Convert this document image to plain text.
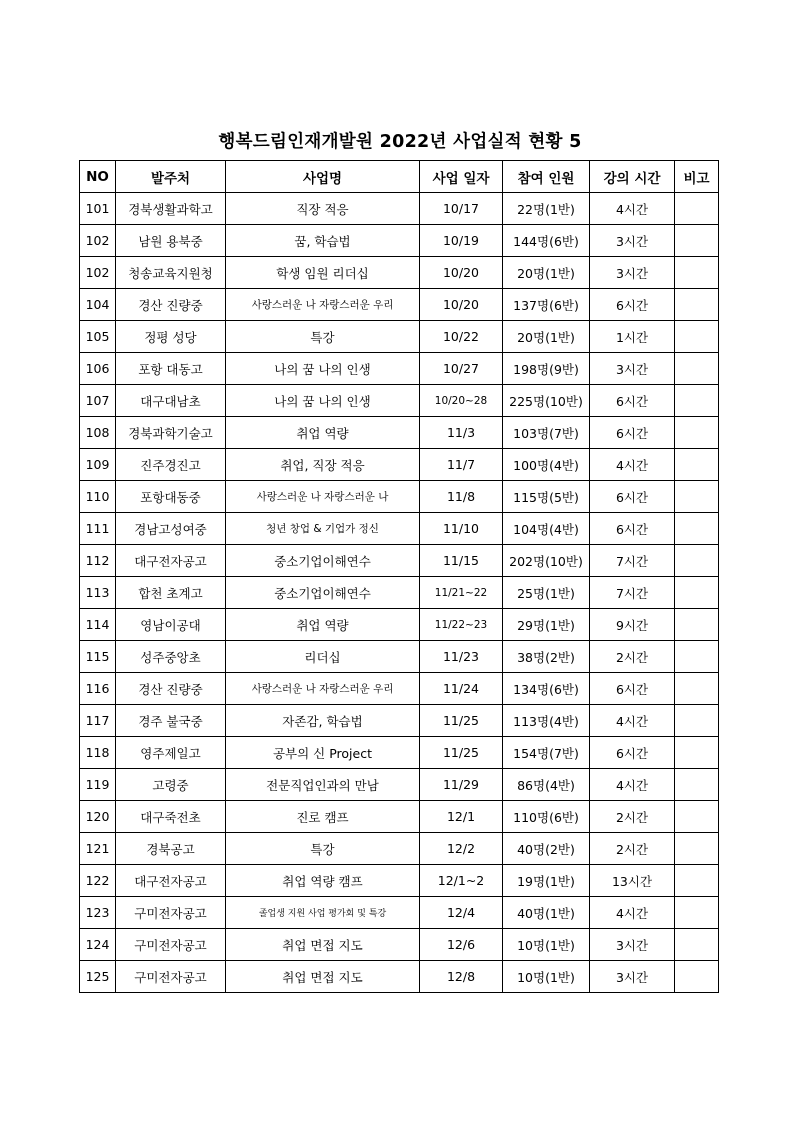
행복드림인재개발원 2022년 사업실적 현황 5
NO	발주처	사업명	사업 일자	참여 인원	강의 시간	비고
101	경북생활과학고	직장 적응	10/17	22명(1반)	4시간	
102	남원 용북중	꿈, 학습법	10/19	144명(6반)	3시간	
102	청송교육지원청	학생 임원 리더십	10/20	20명(1반)	3시간	
104	경산 진량중	사랑스러운 나 자랑스러운 우리	10/20	137명(6반)	6시간	
105	정평 성당	특강	10/22	20명(1반)	1시간	
106	포항 대동고	나의 꿈 나의 인생	10/27	198명(9반)	3시간	
107	대구대남초	나의 꿈 나의 인생	10/20~28	225명(10반)	6시간	
108	경북과학기술고	취업 역량	11/3	103명(7반)	6시간	
109	진주경진고	취업, 직장 적응	11/7	100명(4반)	4시간	
110	포항대동중	사랑스러운 나 자랑스러운 나	11/8	115명(5반)	6시간	
111	경남고성여중	청년 창업 & 기업가 정신	11/10	104명(4반)	6시간	
112	대구전자공고	중소기업이해연수	11/15	202명(10반)	7시간	
113	합천 초계고	중소기업이해연수	11/21~22	25명(1반)	7시간	
114	영남이공대	취업 역량	11/22~23	29명(1반)	9시간	
115	성주중앙초	리더십	11/23	38명(2반)	2시간	
116	경산 진량중	사랑스러운 나 자랑스러운 우리	11/24	134명(6반)	6시간	
117	경주 불국중	자존감, 학습법	11/25	113명(4반)	4시간	
118	영주제일고	공부의 신 Project	11/25	154명(7반)	6시간	
119	고령중	전문직업인과의 만남	11/29	86명(4반)	4시간	
120	대구죽전초	진로 캠프	12/1	110명(6반)	2시간	
121	경북공고	특강	12/2	40명(2반)	2시간	
122	대구전자공고	취업 역량 캠프	12/1~2	19명(1반)	13시간	
123	구미전자공고	졸업생 지원 사업 평가회 및 특강	12/4	40명(1반)	4시간	
124	구미전자공고	취업 면접 지도	12/6	10명(1반)	3시간	
125	구미전자공고	취업 면접 지도	12/8	10명(1반)	3시간	
